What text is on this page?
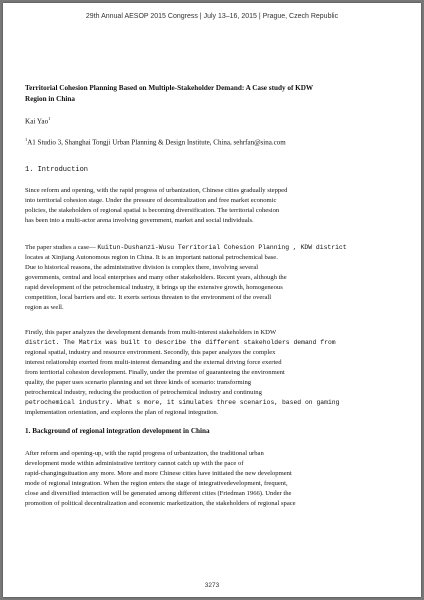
29th Annual AESOP 2015 Congress | July 13–16, 2015 | Prague, Czech Republic
Territorial Cohesion Planning Based on Multiple-Stakeholder Demand: A Case study of KDW
Region in China
Kai Yao$^1$
$^1$A1 Studio 3, Shanghai Tongji Urban Planning & Design Institute, China, sehrfan@sina.com
1. Introduction

Since reform and opening, with the rapid progress of urbanization, Chinese cities gradually stepped
into territorial cohesion stage. Under the pressure of decentralization and free market economic
policies, the stakeholders of regional spatial is becoming diversification. The territorial cohesion
has been into a multi-actor arena involving government, market and social individuals.

The paper studies a case— Kuitun-Dushanzi-Wusu Territorial Cohesion Planning , KDW district
locates at Xinjiang Autonomous region in China. It is an important national petrochemical base.
Due to historical reasons, the administrative division is complex there, involving several
governments, central and local enterprises and many other stakeholders. Recent years, although the
rapid development of the petrochemical industry, it brings up the extensive growth, homogeneous
competition, local barriers and etc. It exerts serious threaten to the environment of the overall
region as well.

Firstly, this paper analyzes the development demands from multi-interest stakeholders in KDW
district. The Matrix was built to describe the different stakeholders demand from
regional spatial, industry and resource environment. Secondly, this paper analyzes the complex
interest relationship exerted from multi-interest demanding and the external driving force exerted
from territorial cohesion development. Finally, under the premise of guaranteeing the environment
quality, the paper uses scenario planning and set three kinds of scenario: transforming
petrochemical industry, reducing the production of petrochemical industry and continuing
petrochemical industry. What s more, it simulates three scenarios, based on gaming
implementation orientation, and explores the plan of regional integration.

1. Background of regional integration development in China

After reform and opening-up, with the rapid progress of urbanization, the traditional urban
development mode within administrative territory cannot catch up with the pace of
rapid-changingsituation any more. More and more Chinese cities have initiated the new development
mode of regional integration. When the region enters the stage of integrativedevelopment, frequent,
close and diversified interaction will be generated among different cities (Friedman 1966). Under the
promotion of political decentralization and economic marketization, the stakeholders of regional space

3273
